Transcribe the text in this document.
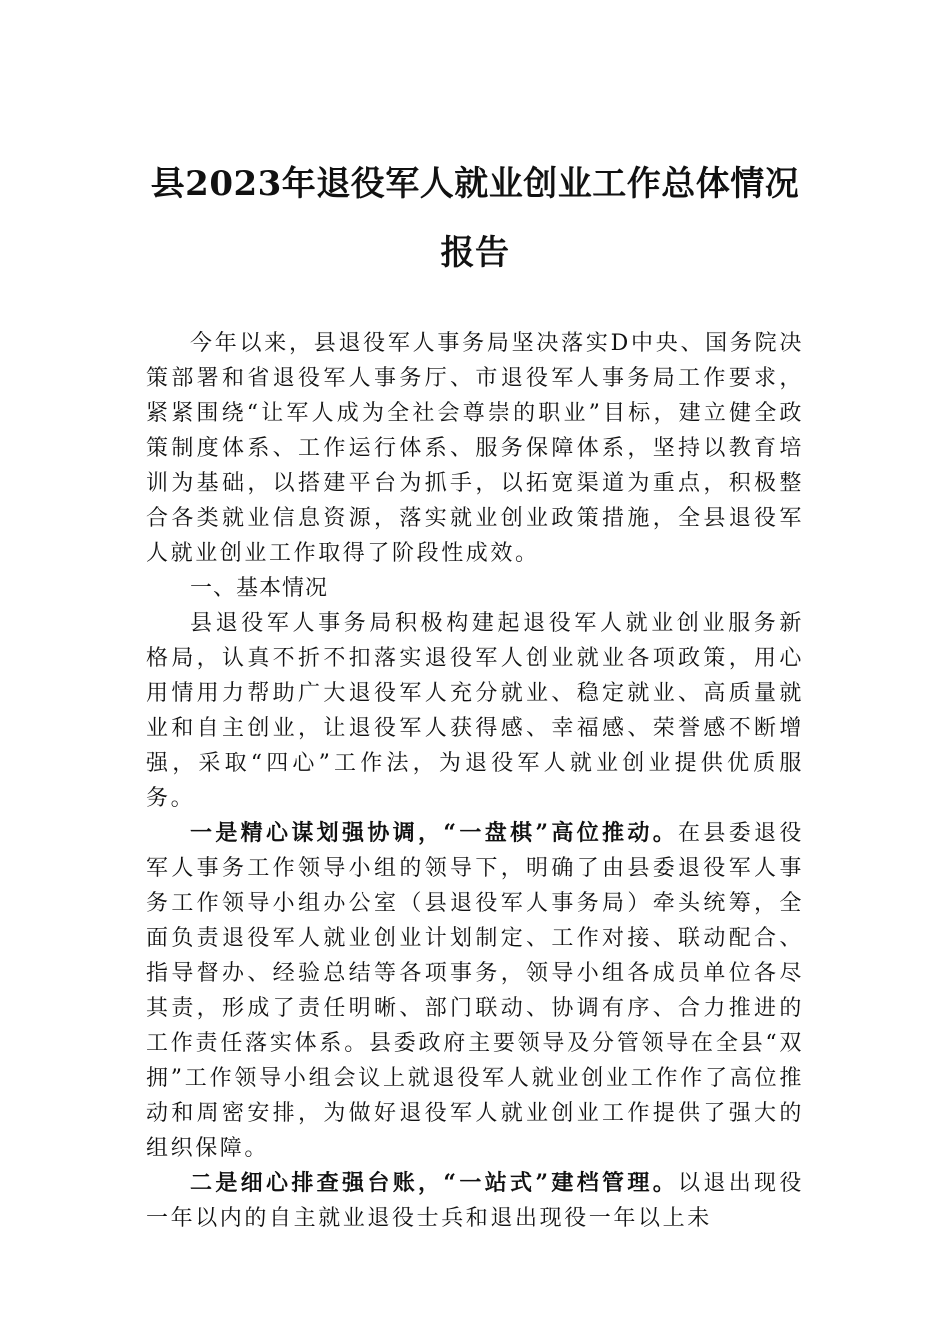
县2023年退役军人就业创业工作总体情况
报告

今年以来，县退役军人事务局坚决落实D中央、国务院决策部署和省退役军人事务厅、市退役军人事务局工作要求，紧紧围绕“让军人成为全社会尊崇的职业”目标，建立健全政策制度体系、工作运行体系、服务保障体系，坚持以教育培训为基础，以搭建平台为抓手，以拓宽渠道为重点，积极整合各类就业信息资源，落实就业创业政策措施，全县退役军人就业创业工作取得了阶段性成效。

一、基本情况

县退役军人事务局积极构建起退役军人就业创业服务新格局，认真不折不扣落实退役军人创业就业各项政策，用心用情用力帮助广大退役军人充分就业、稳定就业、高质量就业和自主创业，让退役军人获得感、幸福感、荣誉感不断增强，采取“四心”工作法，为退役军人就业创业提供优质服务。

一是精心谋划强协调，“一盘棋”高位推动。在县委退役军人事务工作领导小组的领导下，明确了由县委退役军人事务工作领导小组办公室（县退役军人事务局）牵头统筹，全面负责退役军人就业创业计划制定、工作对接、联动配合、指导督办、经验总结等各项事务，领导小组各成员单位各尽其责，形成了责任明晰、部门联动、协调有序、合力推进的工作责任落实体系。县委政府主要领导及分管领导在全县“双拥”工作领导小组会议上就退役军人就业创业工作作了高位推动和周密安排，为做好退役军人就业创业工作提供了强大的组织保障。

二是细心排查强台账，“一站式”建档管理。以退出现役一年以内的自主就业退役士兵和退出现役一年以上未
